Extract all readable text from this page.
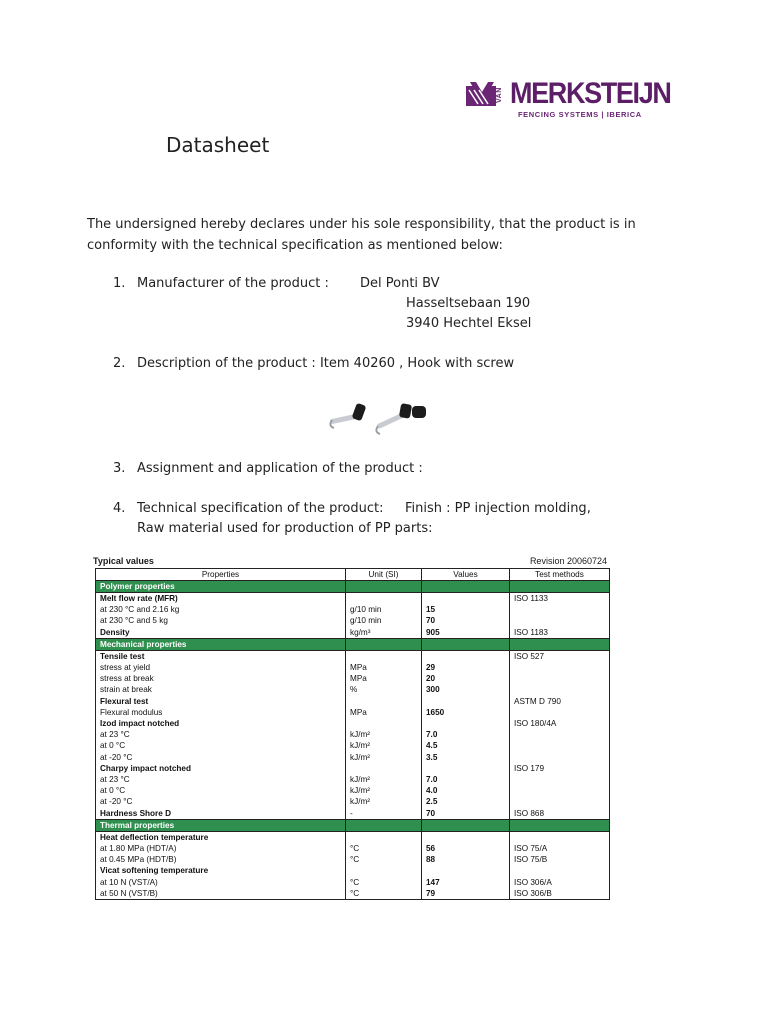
VAN MERKSTEIJN
FENCING SYSTEMS | IBERICA
Datasheet
The undersigned hereby declares under his sole responsibility, that the product is in conformity with the technical specification as mentioned below:
1. Manufacturer of the product : Del Ponti BV
Hasseltsebaan 190
3940 Hechtel Eksel
2. Description of the product : Item 40260 , Hook with screw
3. Assignment and application of the product :
4. Technical specification of the product: Finish : PP injection molding,
Raw material used for production of PP parts:
Typical values	Revision 20060724
Properties	Unit (SI)	Values	Test methods
Polymer properties			
Melt flow rate (MFR)			ISO 1133
at 230 °C and 2.16 kg	g/10 min	15	
at 230 °C and 5 kg	g/10 min	70	
Density	kg/m³	905	ISO 1183
Mechanical properties			
Tensile test			ISO 527
stress at yield	MPa	29	
stress at break	MPa	20	
strain at break	%	300	
Flexural test			ASTM D 790
Flexural modulus	MPa	1650	
Izod impact notched			ISO 180/4A
at 23 °C	kJ/m²	7.0	
at 0 °C	kJ/m²	4.5	
at -20 °C	kJ/m²	3.5	
Charpy impact notched			ISO 179
at 23 °C	kJ/m²	7.0	
at 0 °C	kJ/m²	4.0	
at -20 °C	kJ/m²	2.5	
Hardness Shore D	-	70	ISO 868
Thermal properties			
Heat deflection temperature			
at 1.80 MPa (HDT/A)	°C	56	ISO 75/A
at 0.45 MPa (HDT/B)	°C	88	ISO 75/B
Vicat softening temperature			
at 10 N (VST/A)	°C	147	ISO 306/A
at 50 N (VST/B)	°C	79	ISO 306/B
